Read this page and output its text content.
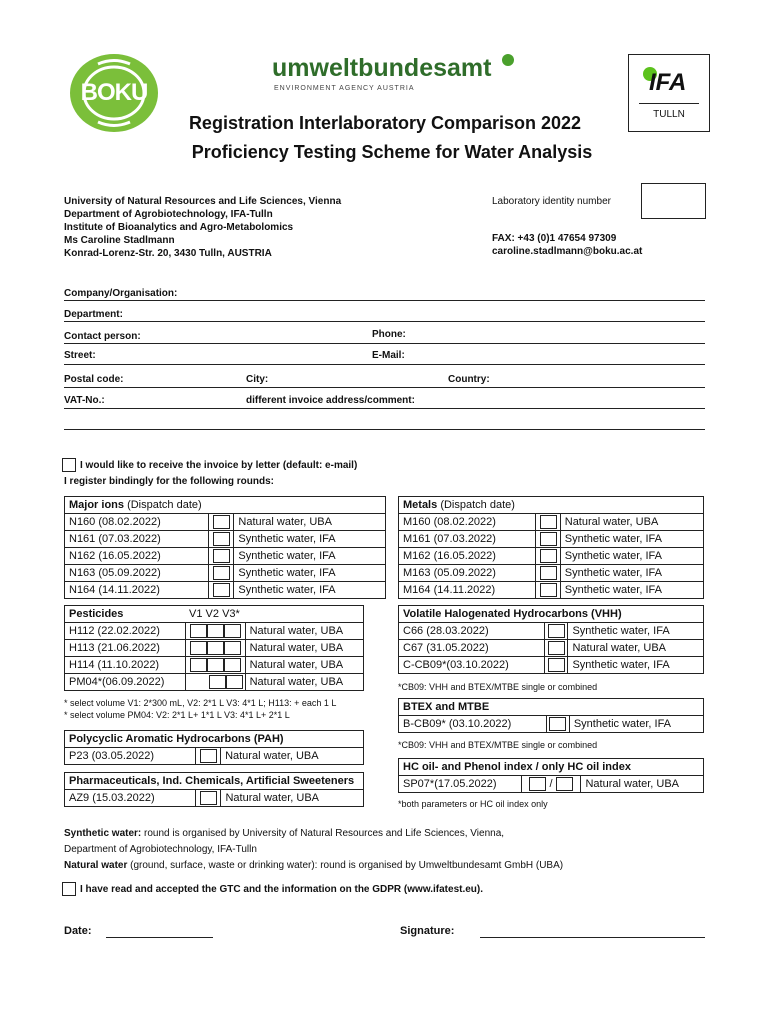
BOKU
umweltbundesamt
ENVIRONMENT AGENCY AUSTRIA	IFA
TULLN
Registration Interlaboratory Comparison 2022
Proficiency Testing Scheme for Water Analysis
University of Natural Resources and Life Sciences, Vienna
Department of Agrobiotechnology, IFA-Tulln
Institute of Bioanalytics and Agro-Metabolomics
Ms Caroline Stadlmann
Konrad-Lorenz-Str. 20, 3430 Tulln, AUSTRIA
Laboratory identity number
FAX: +43 (0)1 47654 97309
caroline.stadlmann@boku.ac.at
Company/Organisation:
Department:
Contact person:	Phone:
Street:	E-Mail:
Postal code:	City:	Country:
VAT-No.:	different invoice address/comment:
I would like to receive the invoice by letter (default: e-mail)
I register bindingly for the following rounds:
Major ions (Dispatch date)		
N160 (08.02.2022)		Natural water, UBA
N161 (07.03.2022)		Synthetic water, IFA
N162 (16.05.2022)		Synthetic water, IFA
N163 (05.09.2022)		Synthetic water, IFA
N164 (14.11.2022)		Synthetic water, IFA
Metals (Dispatch date)		
M160 (08.02.2022)		Natural water, UBA
M161 (07.03.2022)		Synthetic water, IFA
M162 (16.05.2022)		Synthetic water, IFA
M163 (05.09.2022)		Synthetic water, IFA
M164 (14.11.2022)		Synthetic water, IFA
Pesticides	V1 V2 V3*	
H112 (22.02.2022)		Natural water, UBA
H113 (21.06.2022)		Natural water, UBA
H114 (11.10.2022)		Natural water, UBA
PM04*(06.09.2022)		Natural water, UBA
* select volume V1: 2*300 mL, V2: 2*1 L V3: 4*1 L; H113: + each 1 L
* select volume PM04: V2: 2*1 L+ 1*1 L V3: 4*1 L+ 2*1 L
Volatile Halogenated Hydrocarbons (VHH)		
C66 (28.03.2022)		Synthetic water, IFA
C67 (31.05.2022)		Natural water, UBA
C-CB09*(03.10.2022)		Synthetic water, IFA
*CB09: VHH and BTEX/MTBE single or combined
BTEX and MTBE
B-CB09* (03.10.2022)		Synthetic water, IFA
*CB09: VHH and BTEX/MTBE single or combined
Polycyclic Aromatic Hydrocarbons (PAH)
P23 (03.05.2022)		Natural water, UBA
Pharmaceuticals, Ind. Chemicals, Artificial Sweeteners
AZ9 (15.03.2022)		Natural water, UBA
HC oil- and Phenol index / only HC oil index
SP07*(17.05.2022)	/	Natural water, UBA
*both parameters or HC oil index only
Synthetic water: round is organised by University of Natural Resources and Life Sciences, Vienna,
Department of Agrobiotechnology, IFA-Tulln
Natural water (ground, surface, waste or drinking water): round is organised by Umweltbundesamt GmbH (UBA)
I have read and accepted the GTC and the information on the GDPR (www.ifatest.eu).
Date:	Signature:
